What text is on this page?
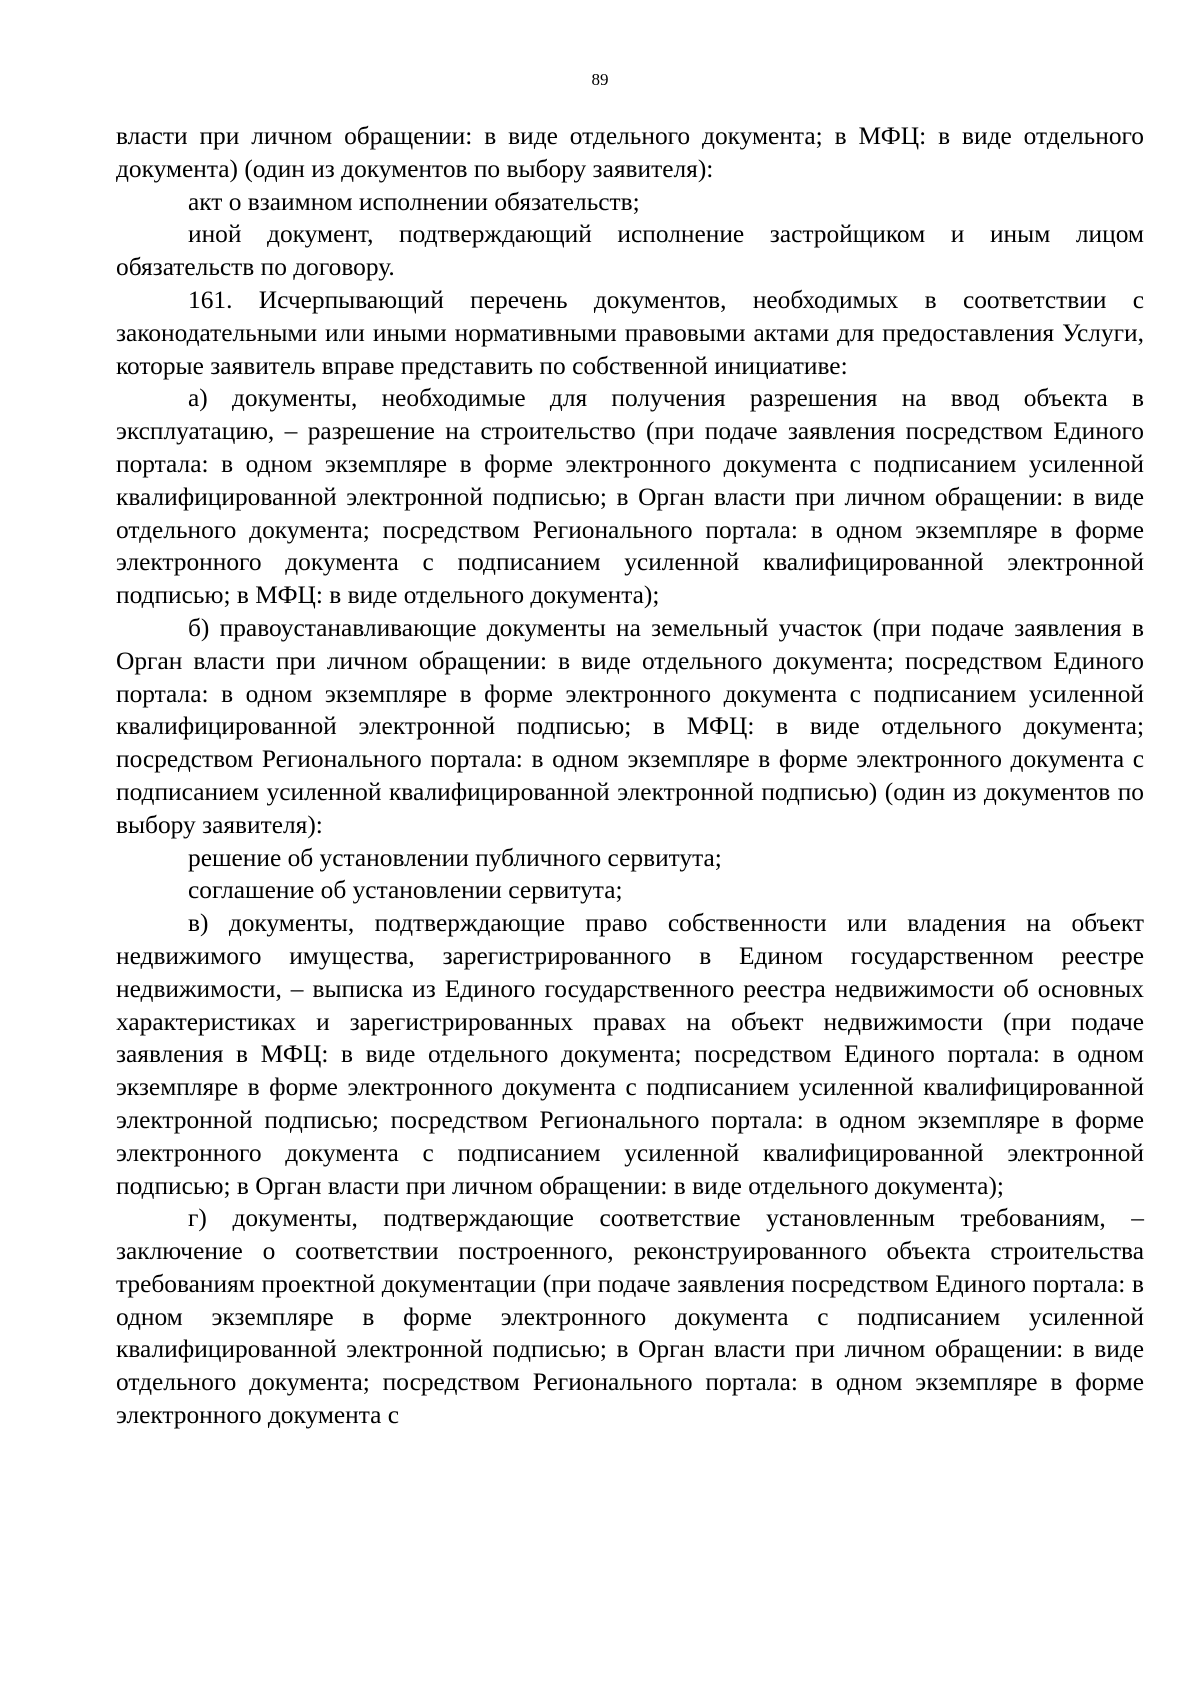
89

власти при личном обращении: в виде отдельного документа; в МФЦ: в виде отдельного документа) (один из документов по выбору заявителя):

акт о взаимном исполнении обязательств;

иной документ, подтверждающий исполнение застройщиком и иным лицом обязательств по договору.

161. Исчерпывающий перечень документов, необходимых в соответствии с законодательными или иными нормативными правовыми актами для предоставления Услуги, которые заявитель вправе представить по собственной инициативе:

а) документы, необходимые для получения разрешения на ввод объекта в эксплуатацию, – разрешение на строительство (при подаче заявления посредством Единого портала: в одном экземпляре в форме электронного документа с подписанием усиленной квалифицированной электронной подписью; в Орган власти при личном обращении: в виде отдельного документа; посредством Регионального портала: в одном экземпляре в форме электронного документа с подписанием усиленной квалифицированной электронной подписью; в МФЦ: в виде отдельного документа);

б) правоустанавливающие документы на земельный участок (при подаче заявления в Орган власти при личном обращении: в виде отдельного документа; посредством Единого портала: в одном экземпляре в форме электронного документа с подписанием усиленной квалифицированной электронной подписью; в МФЦ: в виде отдельного документа; посредством Регионального портала: в одном экземпляре в форме электронного документа с подписанием усиленной квалифицированной электронной подписью) (один из документов по выбору заявителя):

решение об установлении публичного сервитута;

соглашение об установлении сервитута;

в) документы, подтверждающие право собственности или владения на объект недвижимого имущества, зарегистрированного в Едином государственном реестре недвижимости, – выписка из Единого государственного реестра недвижимости об основных характеристиках и зарегистрированных правах на объект недвижимости (при подаче заявления в МФЦ: в виде отдельного документа; посредством Единого портала: в одном экземпляре в форме электронного документа с подписанием усиленной квалифицированной электронной подписью; посредством Регионального портала: в одном экземпляре в форме электронного документа с подписанием усиленной квалифицированной электронной подписью; в Орган власти при личном обращении: в виде отдельного документа);

г) документы, подтверждающие соответствие установленным требованиям, – заключение о соответствии построенного, реконструированного объекта строительства требованиям проектной документации (при подаче заявления посредством Единого портала: в одном экземпляре в форме электронного документа с подписанием усиленной квалифицированной электронной подписью; в Орган власти при личном обращении: в виде отдельного документа; посредством Регионального портала: в одном экземпляре в форме электронного документа с
